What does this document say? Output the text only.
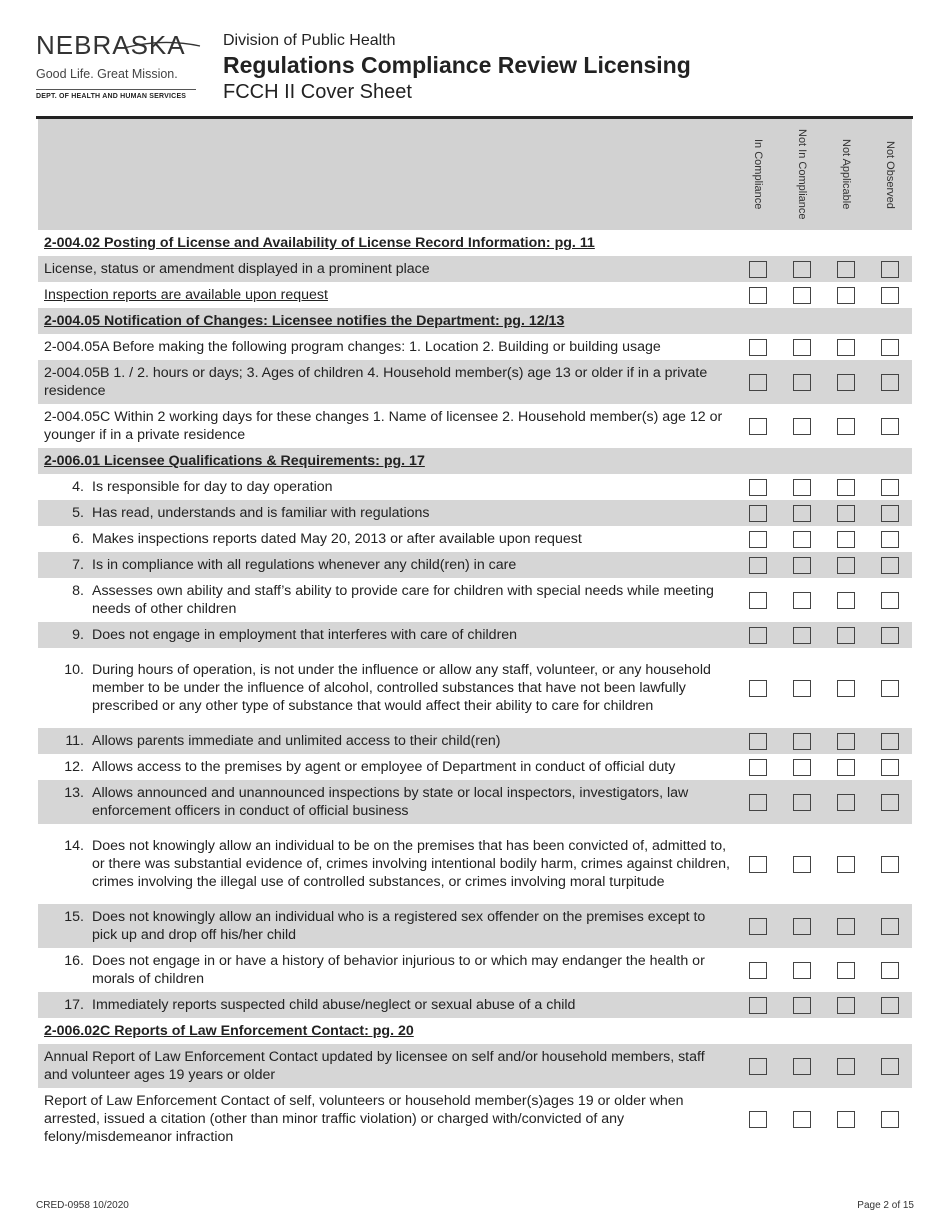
NEBRASKA
Good Life. Great Mission.
DEPT. OF HEALTH AND HUMAN SERVICES
Division of Public Health
Regulations Compliance Review Licensing
FCCH II Cover Sheet

	In Compliance	Not In Compliance	Not Applicable	Not Observed

2-004.02 Posting of License and Availability of License Record Information: pg. 11				
License, status or amendment displayed in a prominent place				
Inspection reports are available upon request				
2-004.05 Notification of Changes: Licensee notifies the Department: pg. 12/13				
2-004.05A Before making the following program changes: 1. Location 2. Building or building usage				
2-004.05B 1. / 2. hours or days; 3. Ages of children 4. Household member(s) age 13 or older if in a private residence				
2-004.05C Within 2 working days for these changes 1. Name of licensee 2. Household member(s) age 12 or younger if in a private residence				
2-006.01 Licensee Qualifications & Requirements: pg. 17				

4. Is responsible for day to day operation				

5. Has read, understands and is familiar with regulations				

6. Makes inspections reports dated May 20, 2013 or after available upon request				

7. Is in compliance with all regulations whenever any child(ren) in care				

8. Assesses own ability and staff’s ability to provide care for children with special needs while meeting needs of other children				

9. Does not engage in employment that interferes with care of children				

10. During hours of operation, is not under the influence or allow any staff, volunteer, or any household member to be under the influence of alcohol, controlled substances that have not been lawfully prescribed or any other type of substance that would affect their ability to care for children				

11. Allows parents immediate and unlimited access to their child(ren)				

12. Allows access to the premises by agent or employee of Department in conduct of official duty				

13. Allows announced and unannounced inspections by state or local inspectors, investigators, law enforcement officers in conduct of official business				

14. Does not knowingly allow an individual to be on the premises that has been convicted of, admitted to, or there was substantial evidence of, crimes involving intentional bodily harm, crimes against children, crimes involving the illegal use of controlled substances, or crimes involving moral turpitude				

15. Does not knowingly allow an individual who is a registered sex offender on the premises except to pick up and drop off his/her child				

16. Does not engage in or have a history of behavior injurious to or which may endanger the health or morals of children				

17. Immediately reports suspected child abuse/neglect or sexual abuse of a child				

2-006.02C Reports of Law Enforcement Contact: pg. 20				
Annual Report of Law Enforcement Contact updated by licensee on self and/or household members, staff and volunteer ages 19 years or older				
Report of Law Enforcement Contact of self, volunteers or household member(s)ages 19 or older when arrested, issued a citation (other than minor traffic violation) or charged with/convicted of any felony/misdemeanor infraction				
CRED-0958 10/2020	Page 2 of 15
